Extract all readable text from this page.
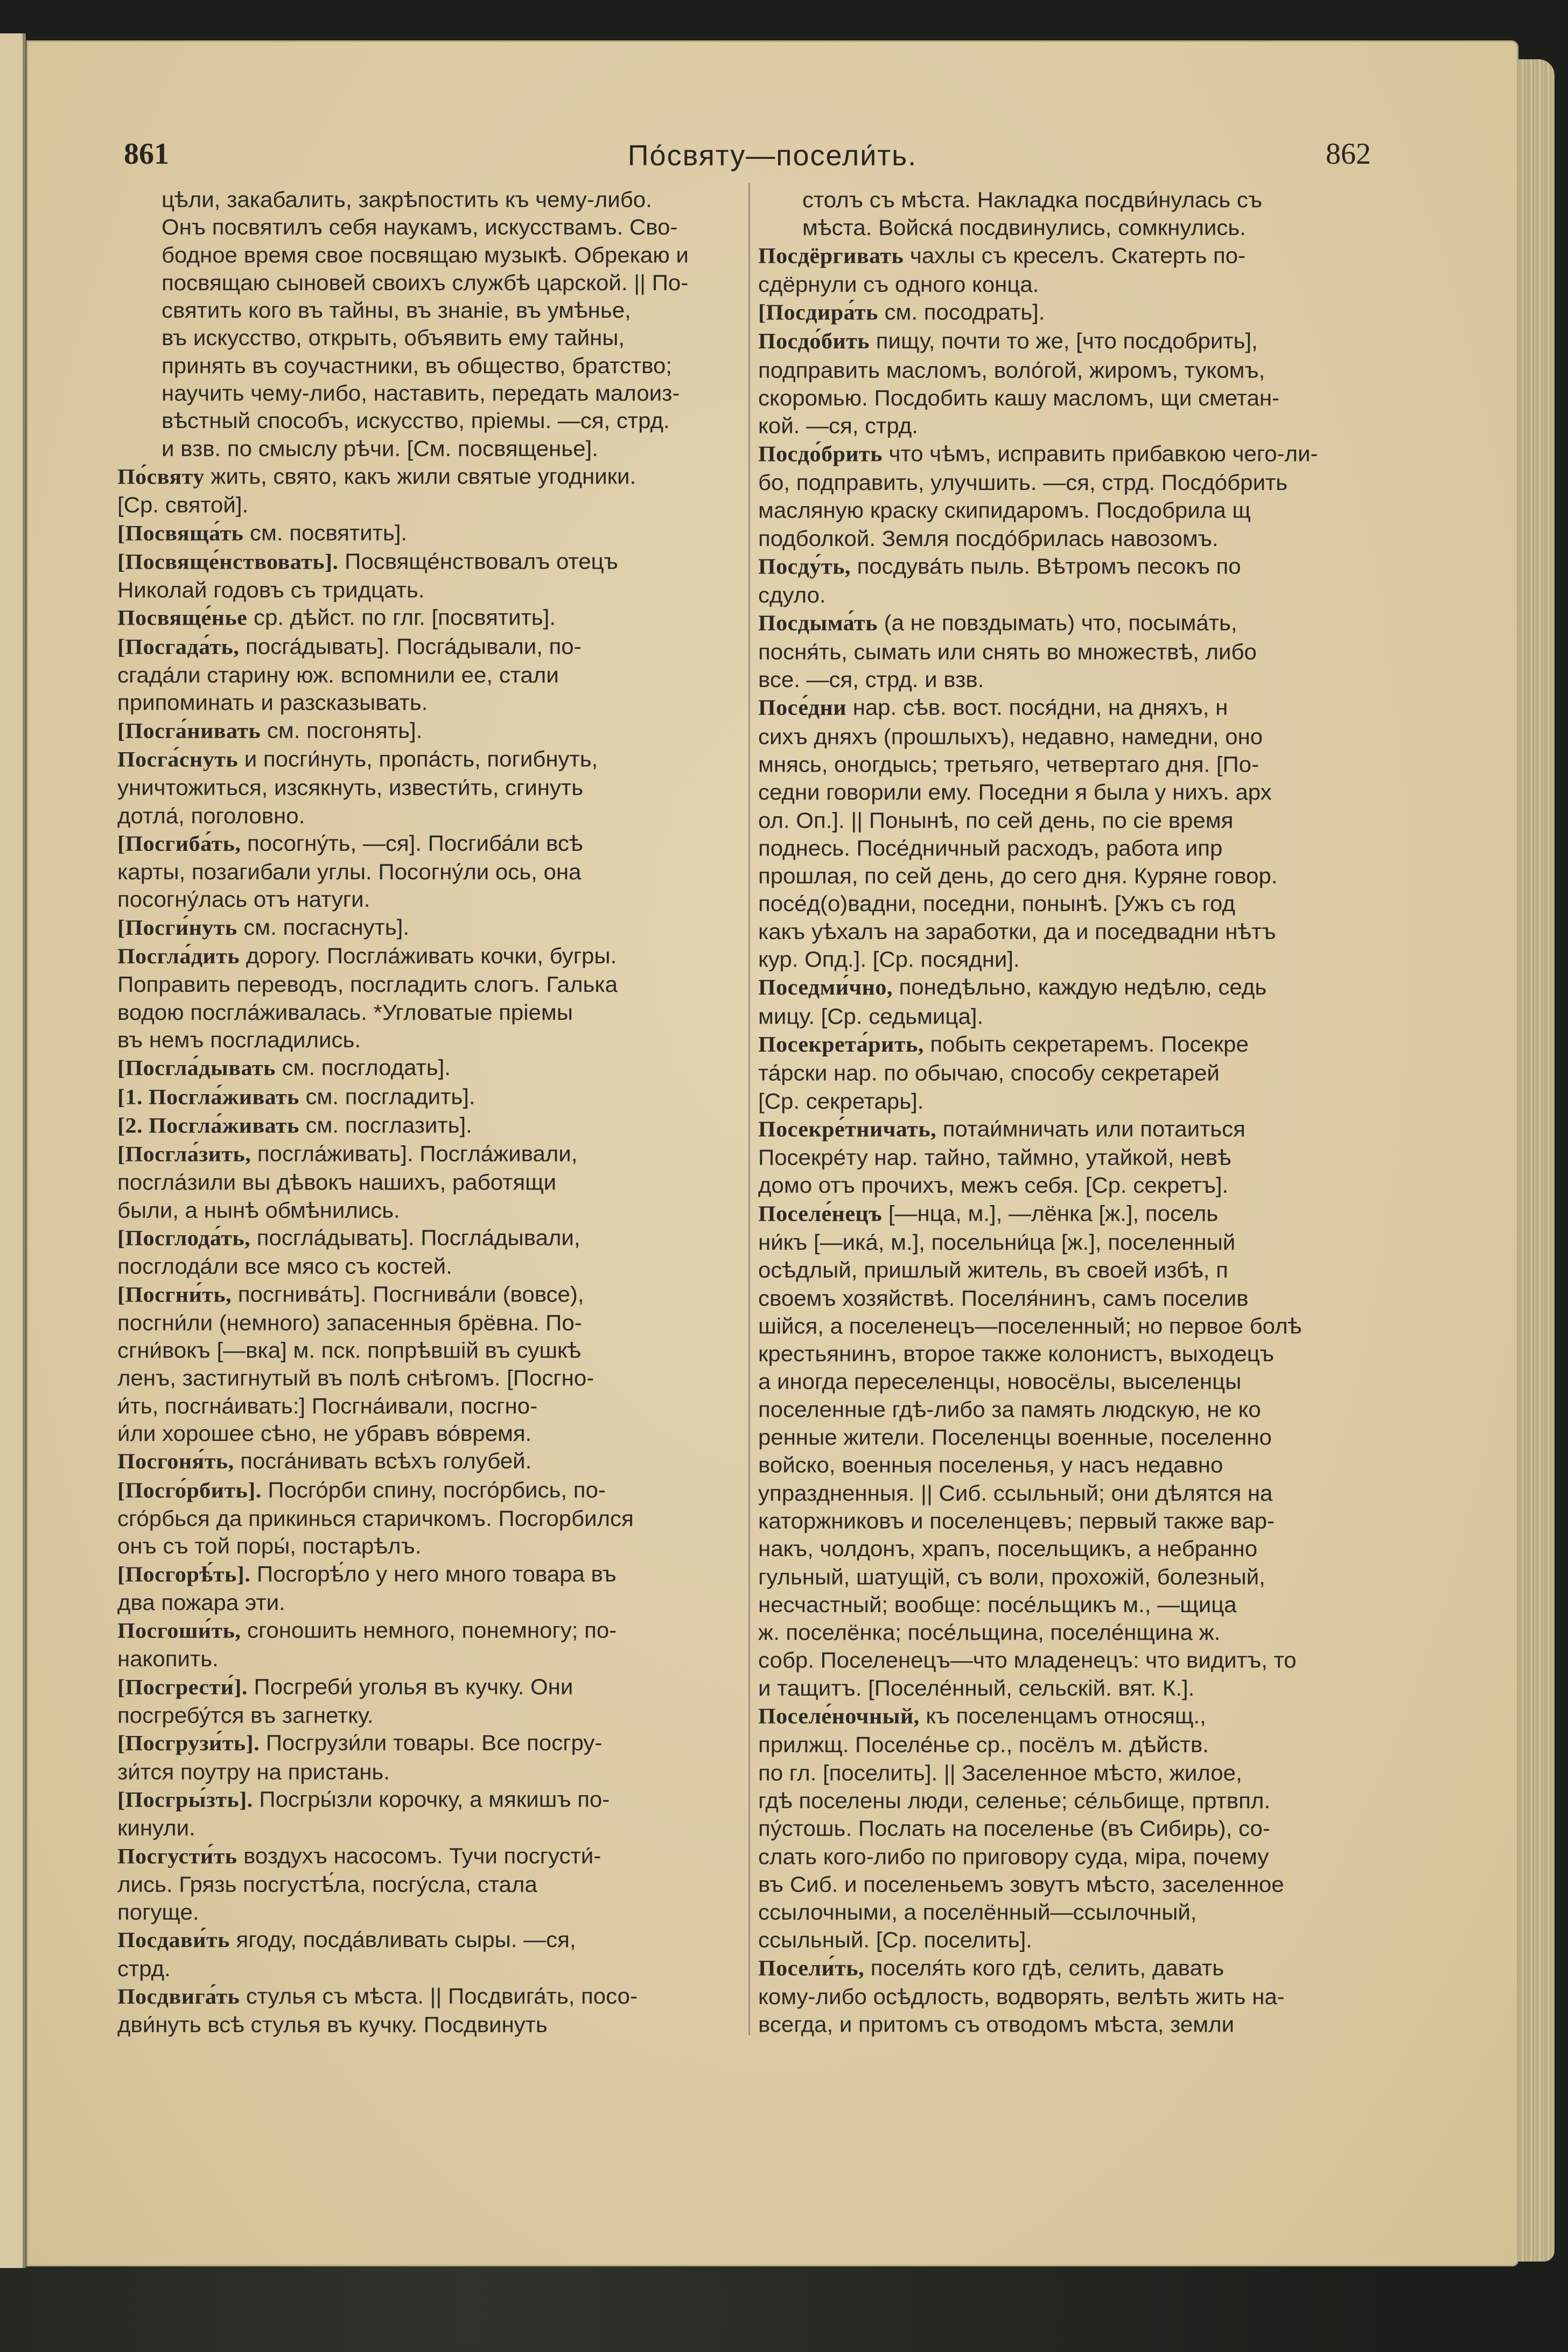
861	По́святу—посели́ть.	862
цѣли, закабалить, закрѣпостить къ чему-либо.
Онъ посвятилъ себя наукамъ, искусствамъ. Сво-
бодное время свое посвящаю музыкѣ. Обрекаю и
посвящаю сыновей своихъ службѣ царской. || По-
святить кого въ тайны, въ знаніе, въ умѣнье,
въ искусство, открыть, объявить ему тайны,
принять въ соучастники, въ общество, братство;
научить чему-либо, наставить, передать малоиз-
вѣстный способъ, искусство, пріемы. —ся, стрд.
и взв. по смыслу рѣчи. [См. посвященье].
По́святу жить, свято, какъ жили святые угодники.
[Ср. святой].
[Посвяща́ть см. посвятить].
[Посвяще́нствовать]. Посвяще́нствовалъ отецъ
Николай годовъ съ тридцать.
Посвяще́нье ср. дѣйст. по глг. [посвятить].
[Посгада́ть, посга́дывать]. Посга́дывали, по-
сгада́ли старину юж. вспомнили ее, стали
припоминать и разсказывать.
[Посга́нивать см. посгонять].
Посга́снуть и посги́нуть, пропа́сть, погибнуть,
уничтожиться, изсякнуть, извести́ть, сгинуть
дотла́, поголовно.
[Посгиба́ть, посогну́ть, —ся]. Посгиба́ли всѣ
карты, позагибали углы. Посогну́ли ось, она
посогну́лась отъ натуги.
[Посги́нуть см. посгаснуть].
Посгла́дить дорогу. Посгла́живать кочки, бугры.
Поправить переводъ, посгладить слогъ. Галька
водою посгла́живалась. *Угловатые пріемы
въ немъ посгладились.
[Посгла́дывать см. посглодать].
[1. Посгла́живать см. посгладить].
[2. Посгла́живать см. посглазить].
[Посгла́зить, посгла́живать]. Посгла́живали,
посгла́зили вы дѣвокъ нашихъ, работящи
были, а нынѣ обмѣнились.
[Посглода́ть, посгла́дывать]. Посгла́дывали,
посглода́ли все мясо съ костей.
[Посгни́ть, посгнива́ть]. Посгнива́ли (вовсе),
посгни́ли (немного) запасенныя брёвна. По-
сгни́вокъ [—вка] м. пск. попрѣвшій въ сушкѣ
ленъ, застигнутый въ полѣ снѣгомъ. [Посгно-
и́ть, посгна́ивать:] Посгна́ивали, посгно-
и́ли хорошее сѣно, не убравъ во́время.
Посгоня́ть, посга́нивать всѣхъ голубей.
[Посго́рбить]. Посго́рби спину, посго́рбись, по-
сго́рбься да прикинься старичкомъ. Посгорбился
онъ съ той поры́, постарѣлъ.
[Посгорѣ́ть]. Посгорѣ́ло у него много товара въ
два пожара эти.
Посгоши́ть, сгоношить немного, понемногу; по-
накопить.
[Посгрести́]. Посгреби́ уголья въ кучку. Они
посгребу́тся въ загнетку.
[Посгрузи́ть]. Посгрузи́ли товары. Все посгру-
зи́тся поутру на пристань.
[Посгры́зть]. Посгры́зли корочку, а мякишъ по-
кинули.
Посгусти́ть воздухъ насосомъ. Тучи посгусти́-
лись. Грязь посгустѣ́ла, посгу́сла, стала
погуще.
Посдави́ть ягоду, посда́вливать сыры. —ся,
стрд.
Посдвига́ть стулья съ мѣста. || Посдвига́ть, посо-
дви́нуть всѣ стулья въ кучку. Посдвинуть
столъ съ мѣста. Накладка посдви́нулась съ
мѣста. Войска́ посдвинулись, сомкнулись.
Посдёргивать чахлы съ креселъ. Скатерть по-
сдёрнули съ одного конца.
[Посдира́ть см. посодрать].
Посдо́бить пищу, почти то же, [что посдобрить],
подправить масломъ, воло́гой, жиромъ, тукомъ,
скоромью. Посдобить кашу масломъ, щи сметан-
кой. —ся, стрд.
Посдо́брить что чѣмъ, исправить прибавкою чего-ли-
бо, подправить, улучшить. —ся, стрд. Посдо́брить
масляную краску скипидаромъ. Посдобрила щ
подболкой. Земля посдо́брилась навозомъ.
Посду́ть, посдува́ть пыль. Вѣтромъ песокъ по
сдуло.
Посдыма́ть (а не повздымать) что, посыма́ть,
посня́ть, сымать или снять во множествѣ, либо
все. —ся, стрд. и взв.
Посе́дни нар. сѣв. вост. пося́дни, на дняхъ, н
сихъ дняхъ (прошлыхъ), недавно, намедни, оно
мнясь, оногдысь; третьяго, четвертаго дня. [По-
седни говорили ему. Поседни я была у нихъ. арх
ол. Оп.]. || Понынѣ, по сей день, по сіе время
поднесь. Посе́дничный расходъ, работа ипр
прошлая, по сей день, до сего дня. Куряне говор.
посе́д(о)вадни, поседни, понынѣ. [Ужъ съ год
какъ уѣхалъ на заработки, да и поседвадни нѣтъ
кур. Опд.]. [Ср. посядни].
Поседми́чно, понедѣльно, каждую недѣлю, седь
мицу. [Ср. седьмица].
Посекрета́рить, побыть секретаремъ. Посекре
та́рски нар. по обычаю, способу секретарей
[Ср. секретарь].
Посекре́тничать, потаи́мничать или потаиться
Посекре́ту нар. тайно, таймно, утайкой, невѣ
домо отъ прочихъ, межъ себя. [Ср. секретъ].
Поселе́нецъ [—нца, м.], —лёнка [ж.], посель
ни́къ [—ика́, м.], посельни́ца [ж.], поселенный
осѣдлый, пришлый житель, въ своей избѣ, п
своемъ хозяйствѣ. Поселя́нинъ, самъ поселив
шійся, а поселенецъ—поселенный; но первое болѣ
крестьянинъ, второе также колонистъ, выходецъ
а иногда переселенцы, новосёлы, выселенцы
поселенные гдѣ-либо за память людскую, не ко
ренные жители. Поселенцы военные, поселенно
войско, военныя поселенья, у насъ недавно
упраздненныя. || Сиб. ссыльный; они дѣлятся на
каторжниковъ и поселенцевъ; первый также вар-
накъ, чолдонъ, храпъ, посельщикъ, а небранно
гульный, шатущій, съ воли, прохожій, болезный,
несчастный; вообще: посе́льщикъ м., —щица
ж. поселёнка; посе́льщина, поселе́нщина ж.
собр. Поселенецъ—что младенецъ: что видитъ, то
и тащитъ. [Поселе́нный, сельскій. вят. К.].
Поселе́ночный, къ поселенцамъ относящ.,
прилжщ. Поселе́нье ср., посёлъ м. дѣйств.
по гл. [поселить]. || Заселенное мѣсто, жилое,
гдѣ поселены люди, селенье; се́льбище, пртвпл.
пу́стошь. Послать на поселенье (въ Сибирь), со-
слать кого-либо по приговору суда, міра, почему
въ Сиб. и поселеньемъ зовутъ мѣсто, заселенное
ссылочными, а поселённый—ссылочный,
ссыльный. [Ср. поселить].
Посели́ть, поселя́ть кого гдѣ, селить, давать
кому-либо осѣдлость, водворять, велѣть жить на-
всегда, и притомъ съ отводомъ мѣста, земли
